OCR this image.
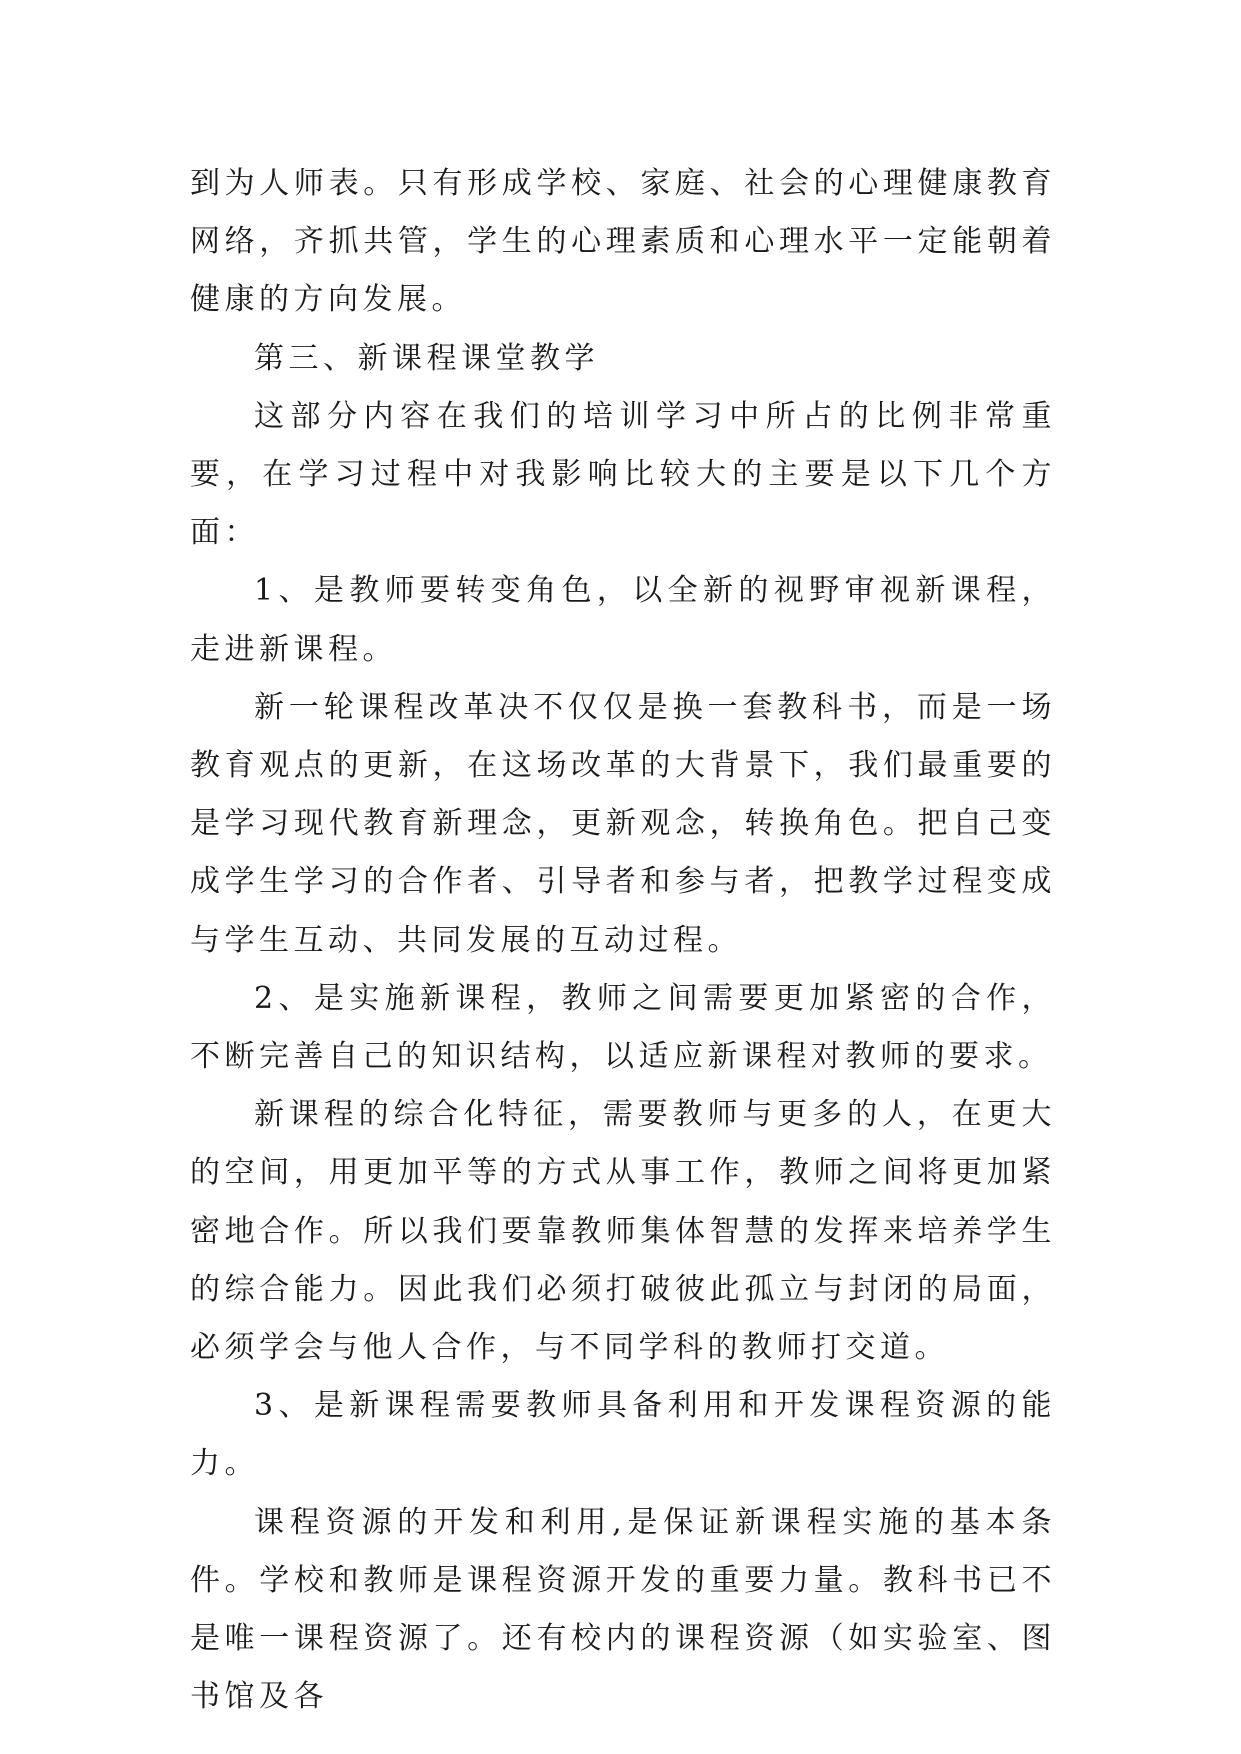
到为人师表。只有形成学校、家庭、社会的心理健康教育网络，齐抓共管，学生的心理素质和心理水平一定能朝着健康的方向发展。

第三、新课程课堂教学

这部分内容在我们的培训学习中所占的比例非常重要，在学习过程中对我影响比较大的主要是以下几个方面：

1、是教师要转变角色，以全新的视野审视新课程，走进新课程。

新一轮课程改革决不仅仅是换一套教科书，而是一场教育观点的更新，在这场改革的大背景下，我们最重要的是学习现代教育新理念，更新观念，转换角色。把自己变成学生学习的合作者、引导者和参与者，把教学过程变成与学生互动、共同发展的互动过程。

2、是实施新课程，教师之间需要更加紧密的合作，不断完善自己的知识结构，以适应新课程对教师的要求。

新课程的综合化特征，需要教师与更多的人，在更大的空间，用更加平等的方式从事工作，教师之间将更加紧密地合作。所以我们要靠教师集体智慧的发挥来培养学生的综合能力。因此我们必须打破彼此孤立与封闭的局面，必须学会与他人合作，与不同学科的教师打交道。

3、是新课程需要教师具备利用和开发课程资源的能力。

课程资源的开发和利用,是保证新课程实施的基本条件。学校和教师是课程资源开发的重要力量。教科书已不是唯一课程资源了。还有校内的课程资源（如实验室、图书馆及各
